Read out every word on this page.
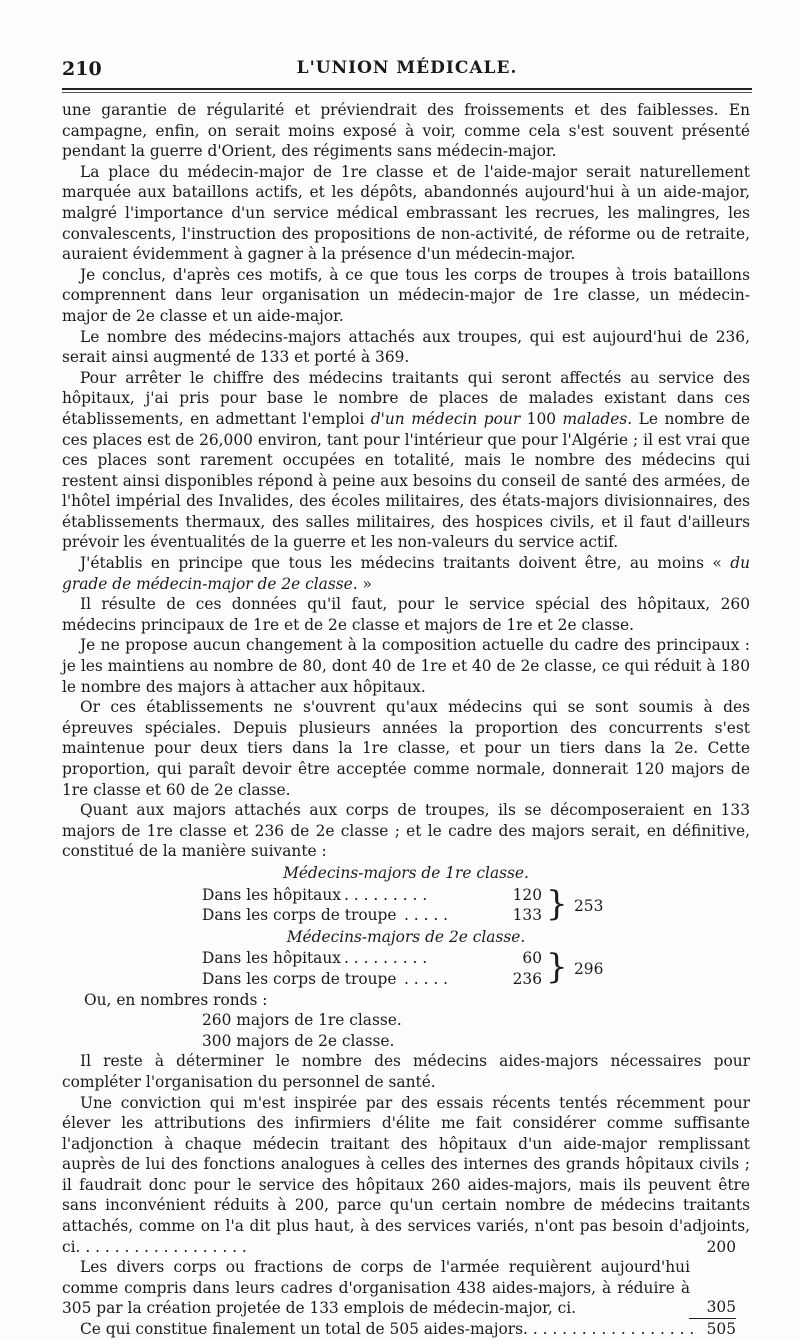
210	L'UNION MÉDICALE.

une garantie de régularité et préviendrait des froissements et des faiblesses. En campagne, enfin, on serait moins exposé à voir, comme cela s'est souvent présenté pendant la guerre d'Orient, des régiments sans médecin-major.

La place du médecin-major de 1re classe et de l'aide-major serait naturellement marquée aux bataillons actifs, et les dépôts, abandonnés aujourd'hui à un aide-major, malgré l'importance d'un service médical embrassant les recrues, les malingres, les convalescents, l'instruction des propositions de non-activité, de réforme ou de retraite, auraient évidemment à gagner à la présence d'un médecin-major.

Je conclus, d'après ces motifs, à ce que tous les corps de troupes à trois bataillons comprennent dans leur organisation un médecin-major de 1re classe, un médecin-major de 2e classe et un aide-major.

Le nombre des médecins-majors attachés aux troupes, qui est aujourd'hui de 236, serait ainsi augmenté de 133 et porté à 369.

Pour arrêter le chiffre des médecins traitants qui seront affectés au service des hôpitaux, j'ai pris pour base le nombre de places de malades existant dans ces établissements, en admettant l'emploi d'un médecin pour 100 malades. Le nombre de ces places est de 26,000 environ, tant pour l'intérieur que pour l'Algérie ; il est vrai que ces places sont rarement occupées en totalité, mais le nombre des médecins qui restent ainsi disponibles répond à peine aux besoins du conseil de santé des armées, de l'hôtel impérial des Invalides, des écoles militaires, des états-majors divisionnaires, des établissements thermaux, des salles militaires, des hospices civils, et il faut d'ailleurs prévoir les éventualités de la guerre et les non-valeurs du service actif.

J'établis en principe que tous les médecins traitants doivent être, au moins « du grade de médecin-major de 2e classe. »

Il résulte de ces données qu'il faut, pour le service spécial des hôpitaux, 260 médecins principaux de 1re et de 2e classe et majors de 1re et 2e classe.

Je ne propose aucun changement à la composition actuelle du cadre des principaux : je les maintiens au nombre de 80, dont 40 de 1re et 40 de 2e classe, ce qui réduit à 180 le nombre des majors à attacher aux hôpitaux.

Or ces établissements ne s'ouvrent qu'aux médecins qui se sont soumis à des épreuves spéciales. Depuis plusieurs années la proportion des concurrents s'est maintenue pour deux tiers dans la 1re classe, et pour un tiers dans la 2e. Cette proportion, qui paraît devoir être acceptée comme normale, donnerait 120 majors de 1re classe et 60 de 2e classe.

Quant aux majors attachés aux corps de troupes, ils se décomposeraient en 133 majors de 1re classe et 236 de 2e classe ; et le cadre des majors serait, en définitive, constitué de la manière suivante :

Médecins-majors de 1re classe.
Dans les hôpitaux . . . . . . . . .	120 } 253
Dans les corps de troupe . . . . .	133
Médecins-majors de 2e classe.
Dans les hôpitaux . . . . . . . . .	60 } 296
Dans les corps de troupe . . . . .	236
Ou, en nombres ronds :
260 majors de 1re classe.
300 majors de 2e classe.

Il reste à déterminer le nombre des médecins aides-majors nécessaires pour compléter l'organisation du personnel de santé.

Une conviction qui m'est inspirée par des essais récents tentés récemment pour élever les attributions des infirmiers d'élite me fait considérer comme suffisante l'adjonction à chaque médecin traitant des hôpitaux d'un aide-major remplissant auprès de lui des fonctions analogues à celles des internes des grands hôpitaux civils ; il faudrait donc pour le service des hôpitaux 260 aides-majors, mais ils peuvent être sans inconvénient réduits à 200, parce qu'un certain nombre de médecins traitants attachés, comme on l'a dit plus haut, à des services variés, n'ont pas besoin d'adjoints, ci. . . . . . . . . . . . . . . . . .	200

Les divers corps ou fractions de corps de l'armée requièrent aujourd'hui comme compris dans leurs cadres d'organisation 438 aides-majors, à réduire à 305 par la création projetée de 133 emplois de médecin-major, ci.	305

Ce qui constitue finalement un total de 505 aides-majors. . . . . . . . . . . . . . . . . . 505
